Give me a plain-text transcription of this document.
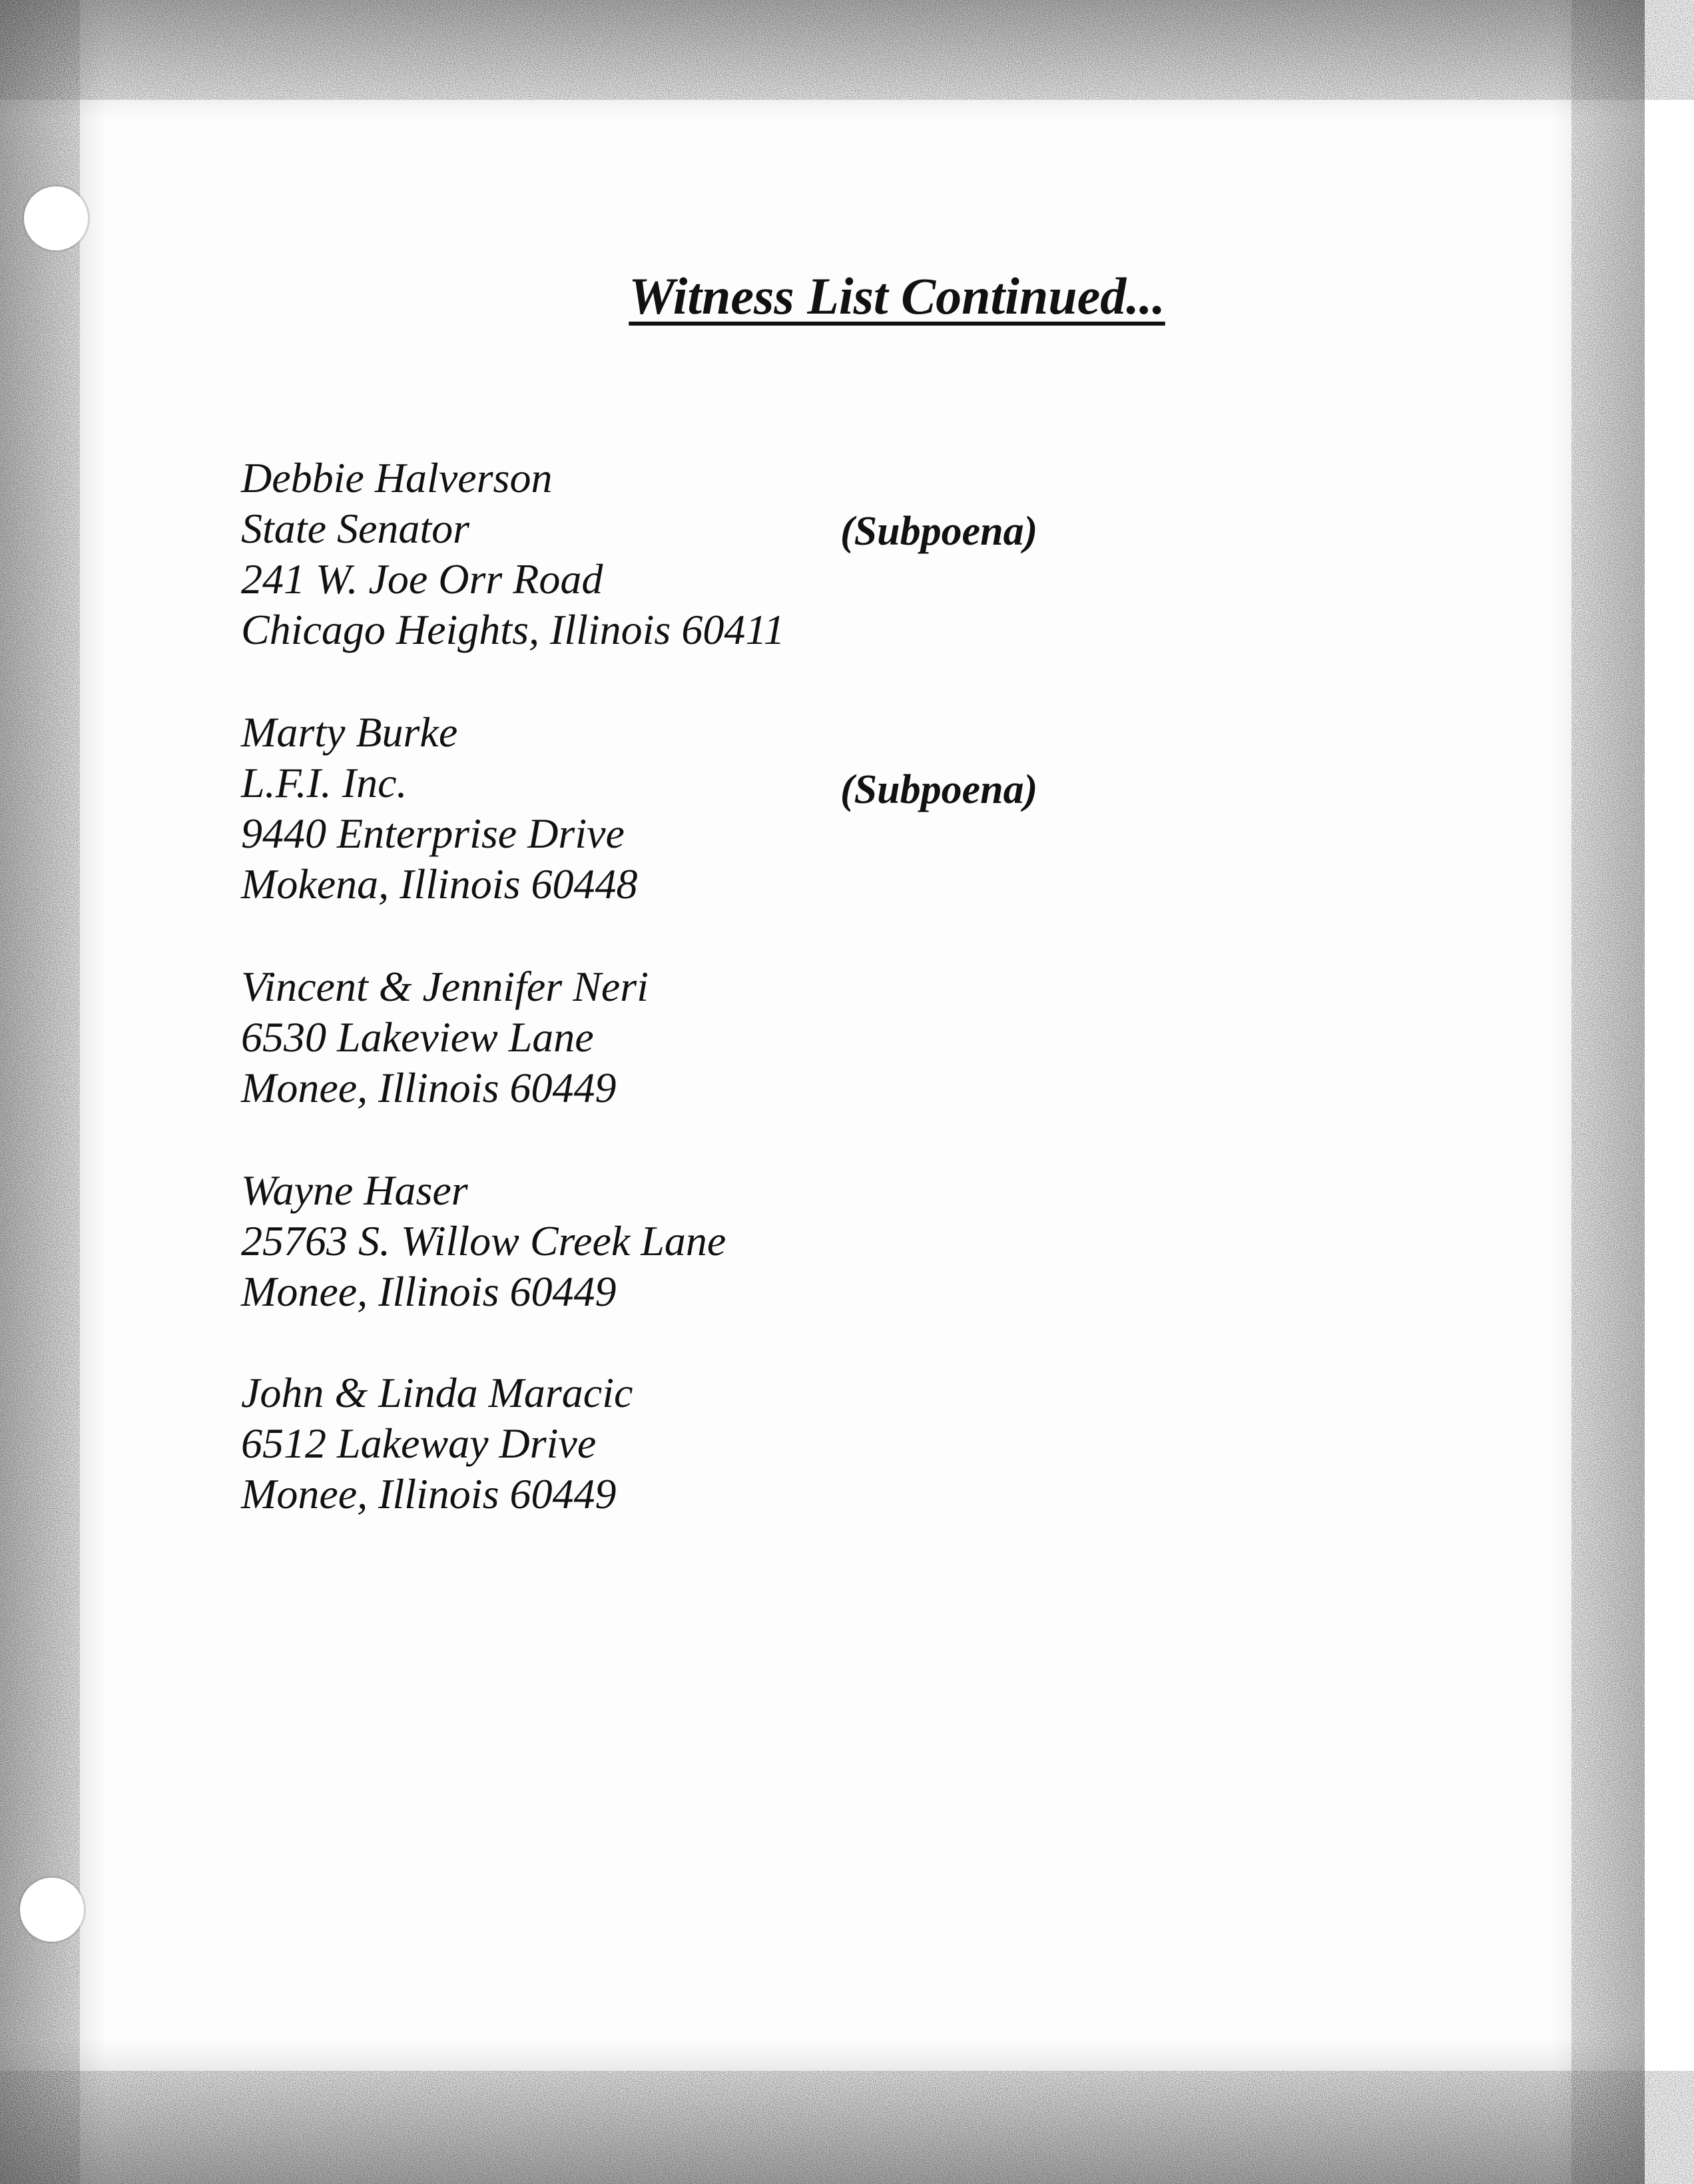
Witness List Continued...
Debbie Halverson
State Senator
241 W. Joe Orr Road
Chicago Heights, Illinois 60411
(Subpoena)
Marty Burke
L.F.I. Inc.
9440 Enterprise Drive
Mokena, Illinois 60448
(Subpoena)
Vincent & Jennifer Neri
6530 Lakeview Lane
Monee, Illinois 60449
Wayne Haser
25763 S. Willow Creek Lane
Monee, Illinois 60449
John & Linda Maracic
6512 Lakeway Drive
Monee, Illinois 60449
